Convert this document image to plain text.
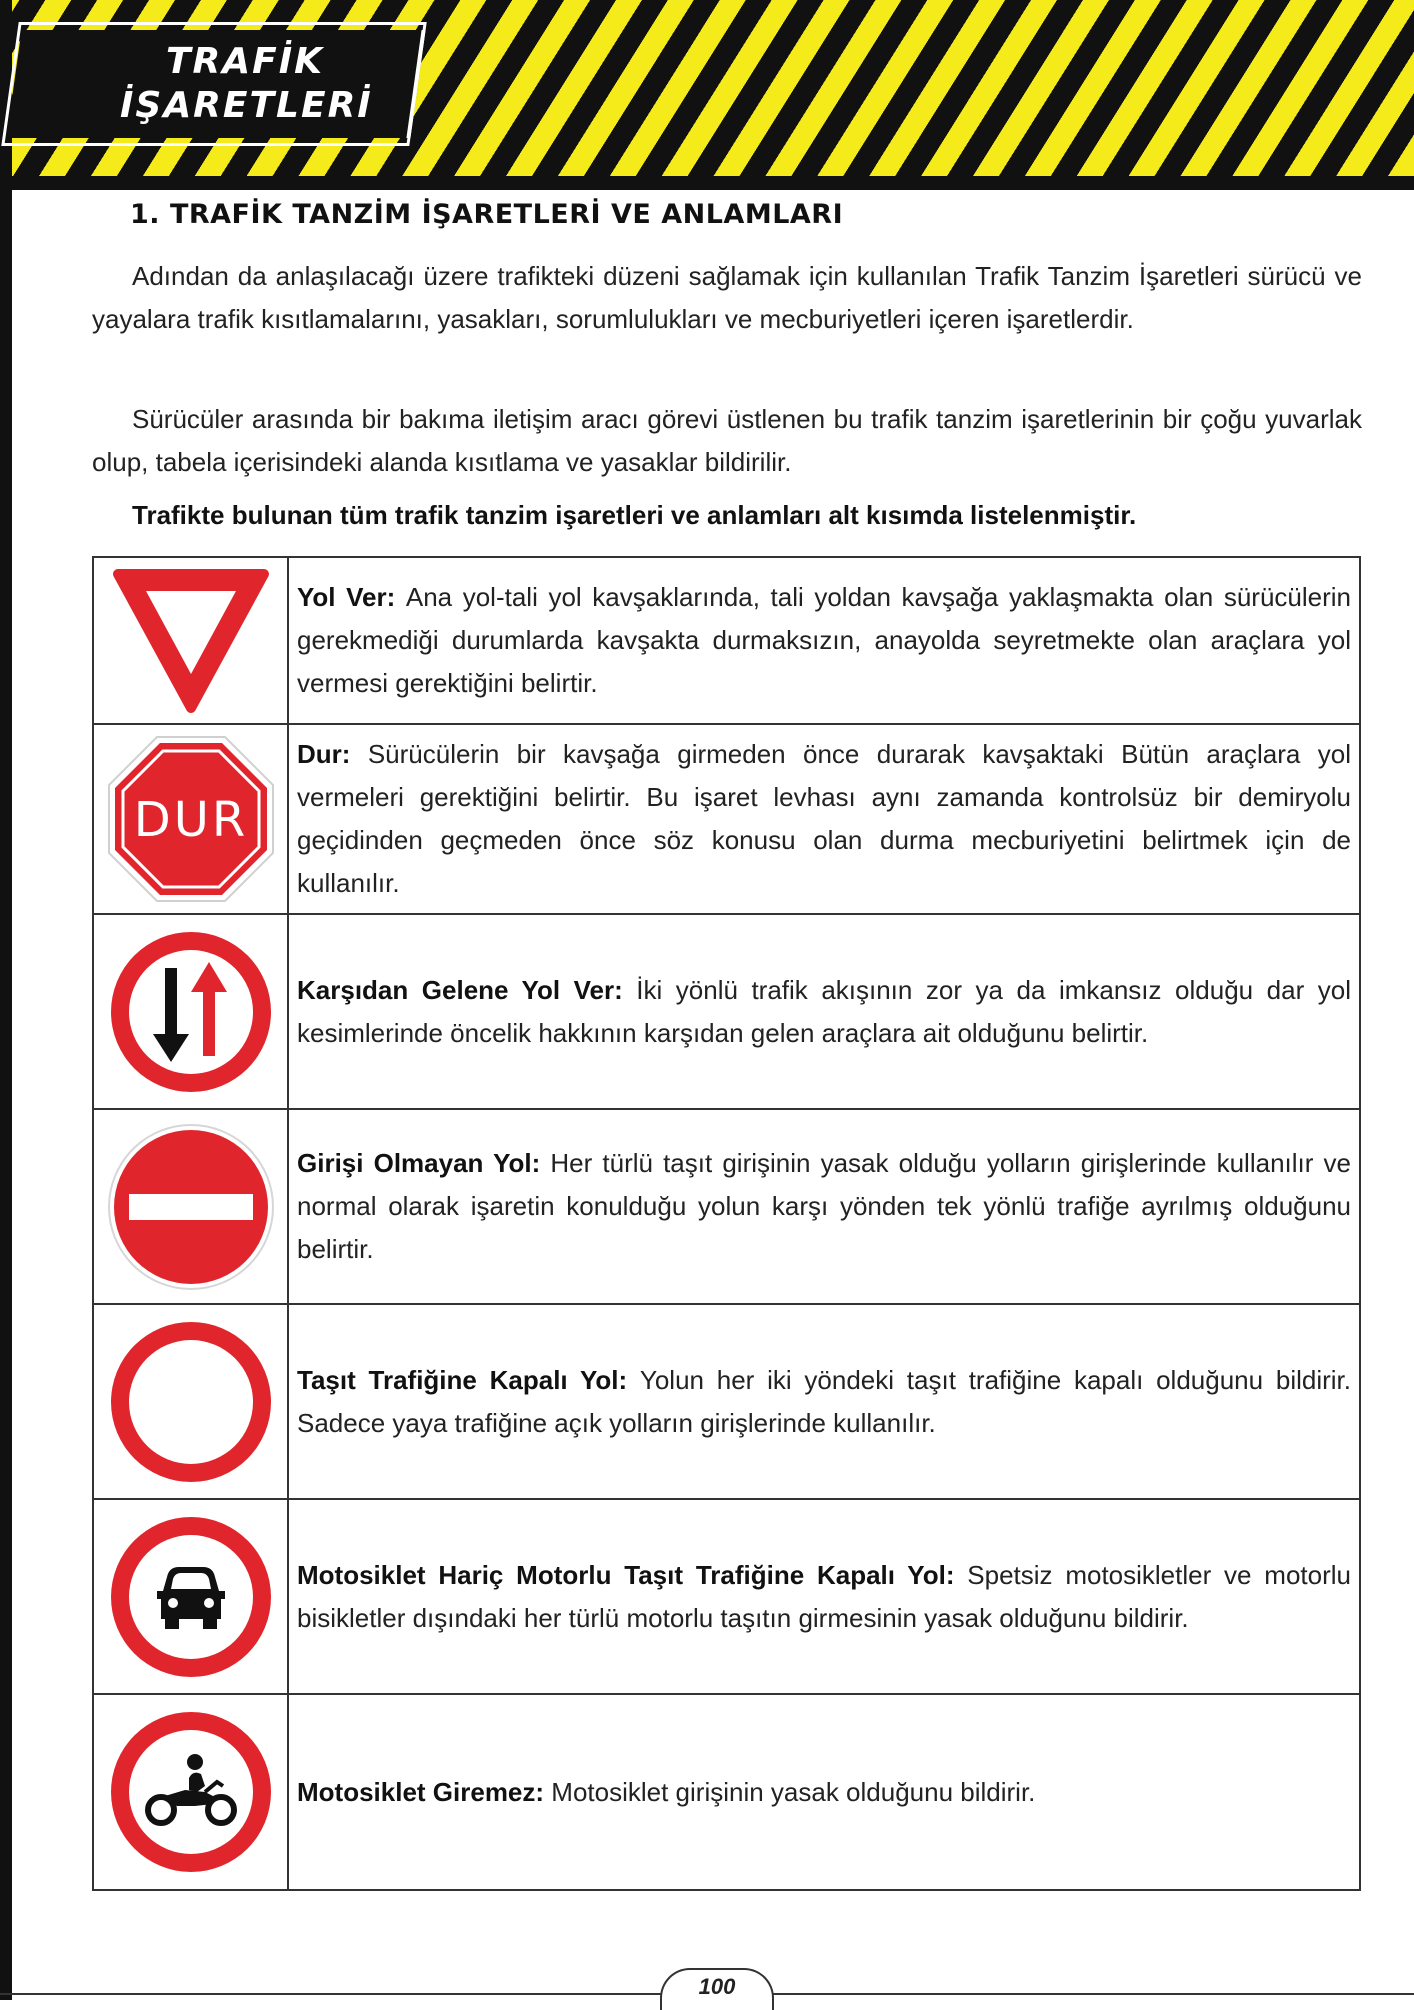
TRAFİK
İŞARETLERİ
1. TRAFİK TANZİM İŞARETLERİ VE ANLAMLARI

Adından da anlaşılacağı üzere trafikteki düzeni sağlamak için kullanılan Trafik Tanzim İşaretleri sürücü ve yayalara trafik kısıtlamalarını, yasakları, sorumlulukları ve mecburiyetleri içeren işaretlerdir.

Sürücüler arasında bir bakıma iletişim aracı görevi üstlenen bu trafik tanzim işaretlerinin bir çoğu yuvarlak olup, tabela içerisindeki alanda kısıtlama ve yasaklar bildirilir.

Trafikte bulunan tüm trafik tanzim işaretleri ve anlamları alt kısımda listelenmiştir.
	Yol Ver: Ana yol-tali yol kavşaklarında, tali yoldan kavşağa yaklaşmakta olan sürücülerin gerekmediği durumlarda kavşakta durmaksızın, anayolda seyretmekte olan araçlara yol vermesi gerektiğini belirtir.

DUR	Dur: Sürücülerin bir kavşağa girmeden önce durarak kavşaktaki Bütün araçlara yol vermeleri gerektiğini belirtir. Bu işaret levhası aynı zamanda kontrolsüz bir demiryolu geçidinden geçmeden önce söz konusu olan durma mecburiyetini belirtmek için de kullanılır.

	Karşıdan Gelene Yol Ver: İki yönlü trafik akışının zor ya da imkansız olduğu dar yol kesimlerinde öncelik hakkının karşıdan gelen araçlara ait olduğunu belirtir.

	Girişi Olmayan Yol: Her türlü taşıt girişinin yasak olduğu yolların girişlerinde kullanılır ve normal olarak işaretin konulduğu yolun karşı yönden tek yönlü trafiğe ayrılmış olduğunu belirtir.

	Taşıt Trafiğine Kapalı Yol: Yolun her iki yöndeki taşıt trafiğine kapalı olduğunu bildirir. Sadece yaya trafiğine açık yolların girişlerinde kullanılır.

	Motosiklet Hariç Motorlu Taşıt Trafiğine Kapalı Yol: Spetsiz motosikletler ve motorlu bisikletler dışındaki her türlü motorlu taşıtın girmesinin yasak olduğunu bildirir.

	Motosiklet Giremez: Motosiklet girişinin yasak olduğunu bildirir.
100
